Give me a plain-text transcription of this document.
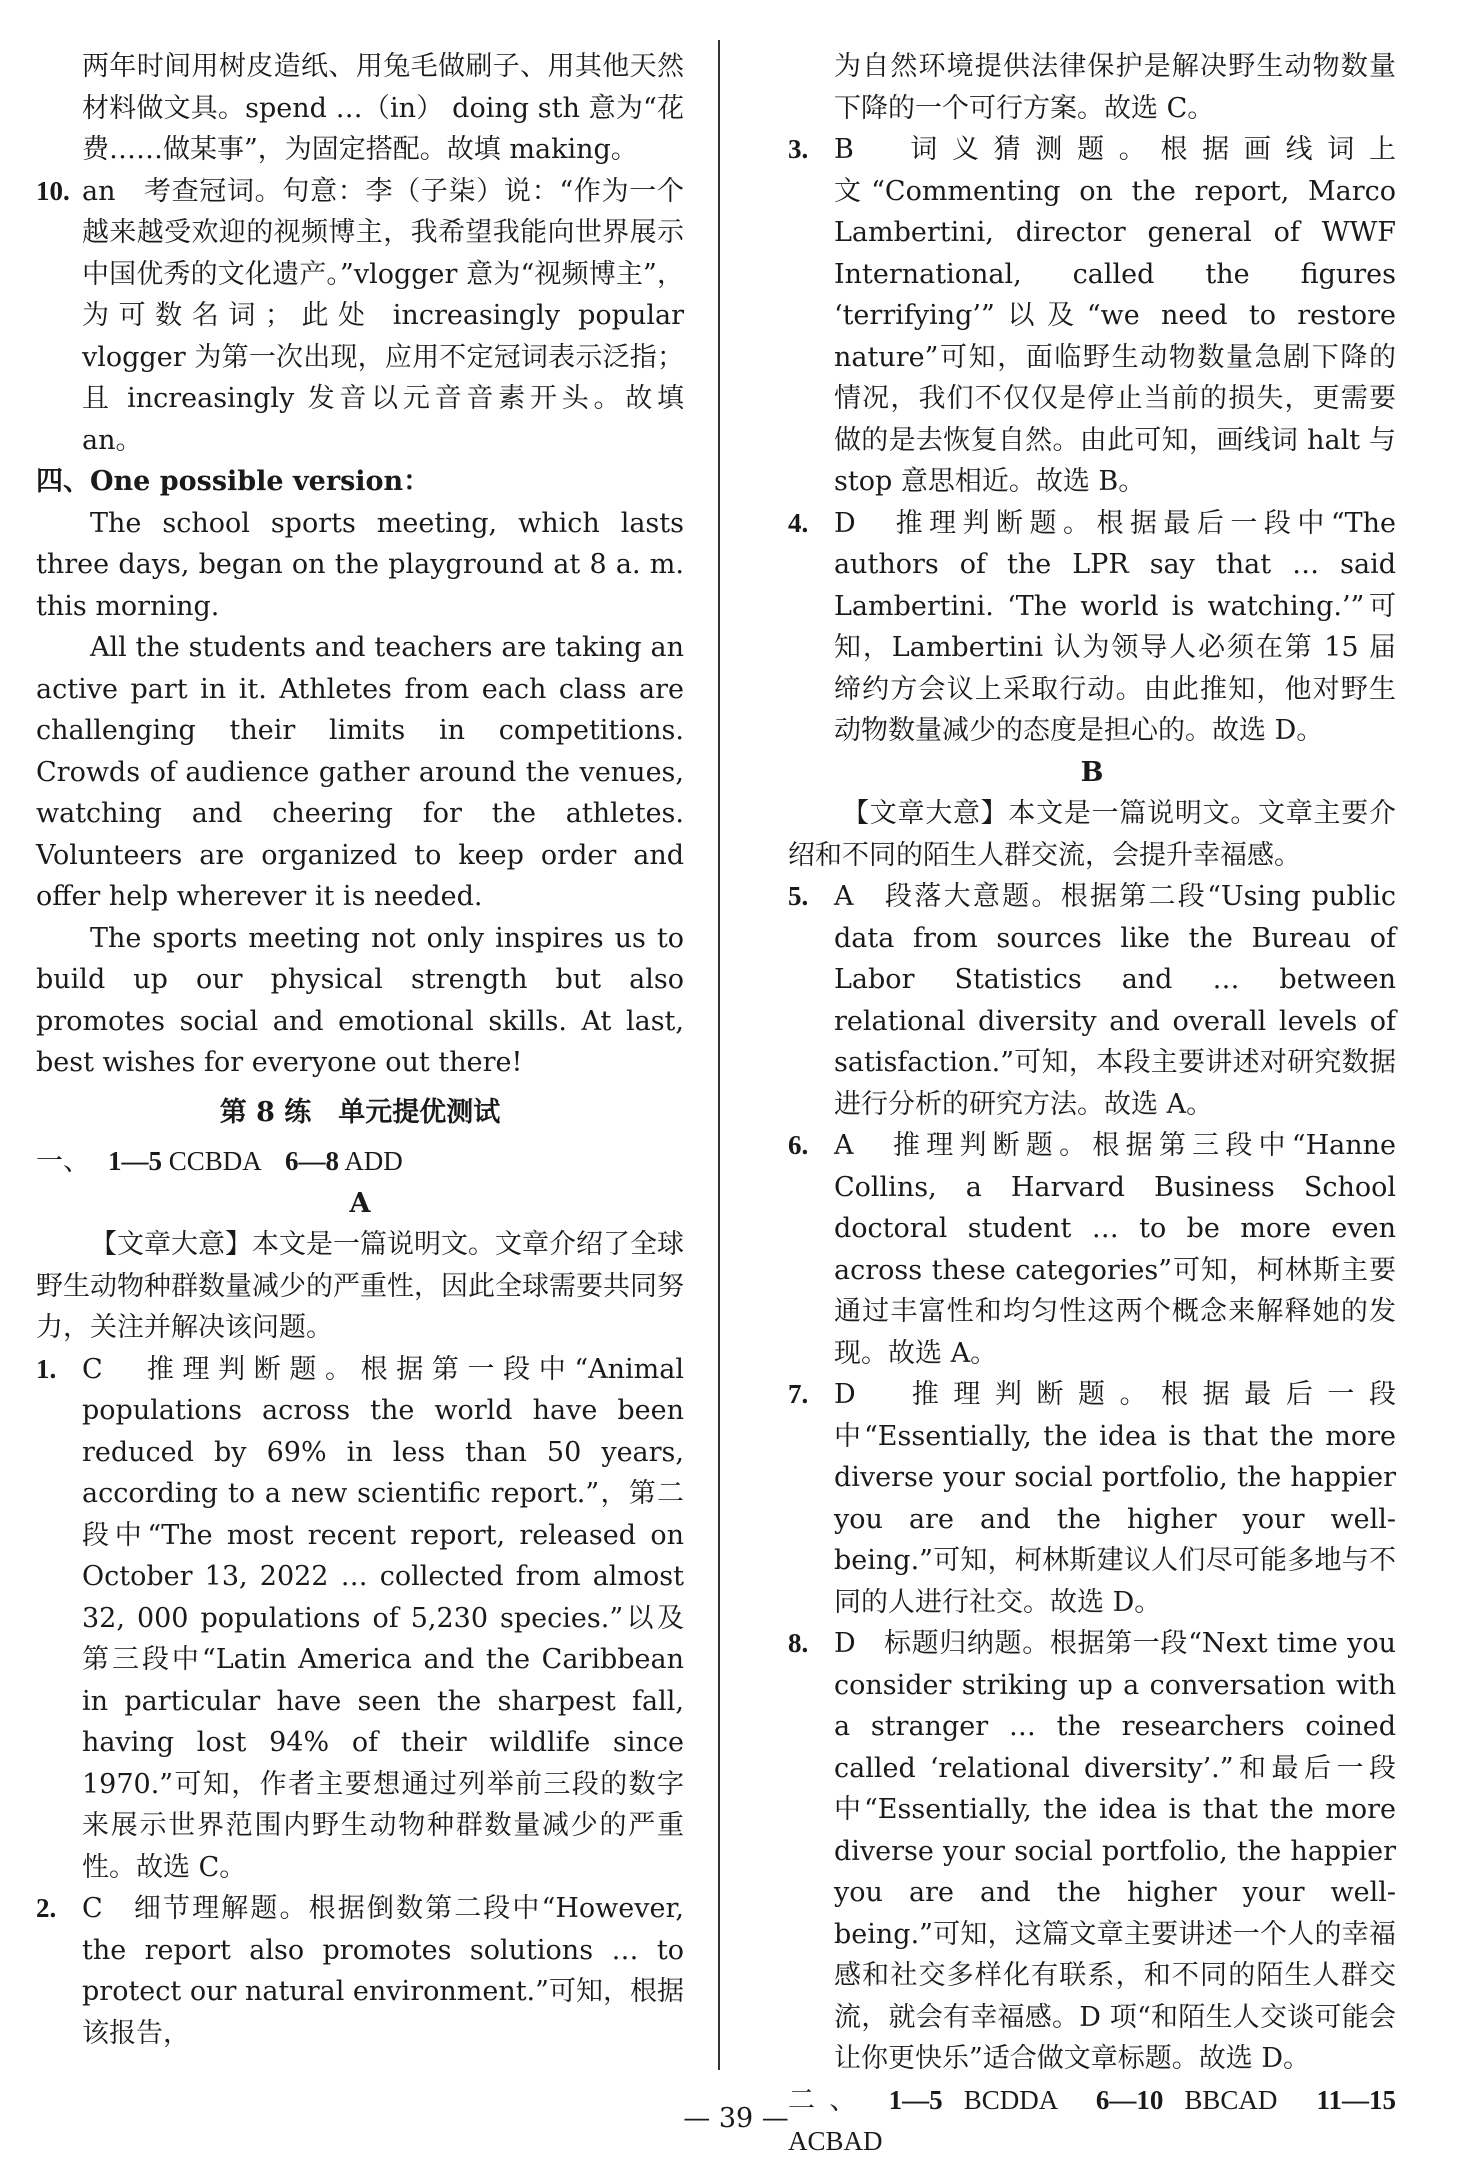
两年时间用树皮造纸、用兔毛做刷子、用其他天然材料做文具。spend …（in） doing sth 意为“花费……做某事”，为固定搭配。故填 making。

10. an　考查冠词。句意：李（子柒）说：“作为一个越来越受欢迎的视频博主，我希望我能向世界展示中国优秀的文化遗产。”vlogger 意为“视频博主”，为可数名词；此处 increasingly popular vlogger 为第一次出现，应用不定冠词表示泛指；且 increasingly 发音以元音音素开头。故填 an。

四、One possible version：

The school sports meeting, which lasts three days, began on the playground at 8 a. m. this morning.

All the students and teachers are taking an active part in it. Athletes from each class are challenging their limits in competitions. Crowds of audience gather around the venues, watching and cheering for the athletes. Volunteers are organized to keep order and offer help wherever it is needed.

The sports meeting not only inspires us to build up our physical strength but also promotes social and emotional skills. At last, best wishes for everyone out there!

第 8 练　单元提优测试

一、 1—5 CCBDA 6—8 ADD

A

【文章大意】本文是一篇说明文。文章介绍了全球野生动物种群数量减少的严重性，因此全球需要共同努力，关注并解决该问题。

1. C　推理判断题。根据第一段中“Animal populations across the world have been reduced by 69% in less than 50 years, according to a new scientific report.”，第二段中“The most recent report, released on October 13, 2022 … collected from almost 32, 000 populations of 5,230 species.”以及第三段中“Latin America and the Caribbean in particular have seen the sharpest fall, having lost 94% of their wildlife since 1970.”可知，作者主要想通过列举前三段的数字来展示世界范围内野生动物种群数量减少的严重性。故选 C。

2. C　细节理解题。根据倒数第二段中“However, the report also promotes solutions … to protect our natural environment.”可知，根据该报告，

为自然环境提供法律保护是解决野生动物数量下降的一个可行方案。故选 C。

3. B　词义猜测题。根据画线词上文“Commenting on the report, Marco Lambertini, director general of WWF International, called the figures ‘terrifying’”以及“we need to restore nature”可知，面临野生动物数量急剧下降的情况，我们不仅仅是停止当前的损失，更需要做的是去恢复自然。由此可知，画线词 halt 与 stop 意思相近。故选 B。

4. D　推理判断题。根据最后一段中“The authors of the LPR say that … said Lambertini. ‘The world is watching.’”可知，Lambertini 认为领导人必须在第 15 届缔约方会议上采取行动。由此推知，他对野生动物数量减少的态度是担心的。故选 D。

B

【文章大意】本文是一篇说明文。文章主要介绍和不同的陌生人群交流，会提升幸福感。

5. A　段落大意题。根据第二段“Using public data from sources like the Bureau of Labor Statistics and … between relational diversity and overall levels of satisfaction.”可知，本段主要讲述对研究数据进行分析的研究方法。故选 A。

6. A　推理判断题。根据第三段中“Hanne Collins, a Harvard Business School doctoral student … to be more even across these categories”可知，柯林斯主要通过丰富性和均匀性这两个概念来解释她的发现。故选 A。

7. D　推理判断题。根据最后一段中“Essentially, the idea is that the more diverse your social portfolio, the happier you are and the higher your well-being.”可知，柯林斯建议人们尽可能多地与不同的人进行社交。故选 D。

8. D　标题归纳题。根据第一段“Next time you consider striking up a conversation with a stranger … the researchers coined called ‘relational diversity’.”和最后一段中“Essentially, the idea is that the more diverse your social portfolio, the happier you are and the higher your well-being.”可知，这篇文章主要讲述一个人的幸福感和社交多样化有联系，和不同的陌生人群交流，就会有幸福感。D 项“和陌生人交谈可能会让你更快乐”适合做文章标题。故选 D。

二、 1—5 BCDDA 6—10 BBCAD 11—15 ACBAD

— 39 —
